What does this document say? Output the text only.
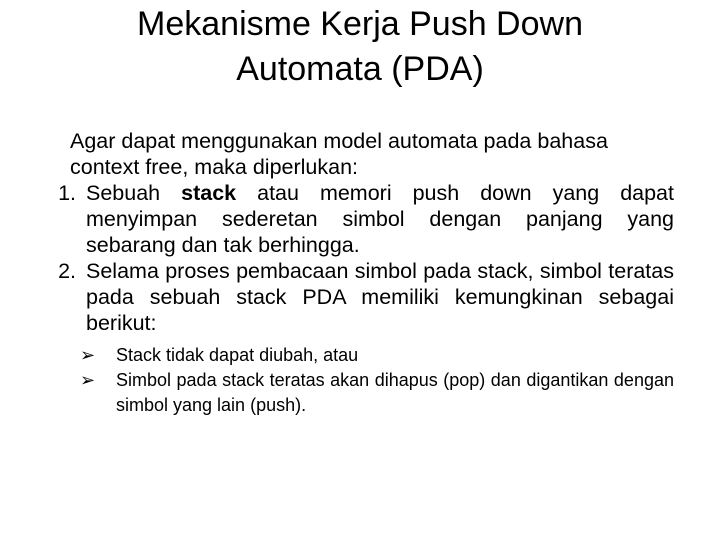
Mekanisme Kerja Push Down
Automata (PDA)

Agar dapat menggunakan model automata pada bahasa context free, maka diperlukan:

1. Sebuah stack atau memori push down yang dapat menyimpan sederetan simbol dengan panjang yang sebarang dan tak berhingga.
2. Selama proses pembacaan simbol pada stack, simbol teratas pada sebuah stack PDA memiliki kemungkinan sebagai berikut:
➢	Stack tidak dapat diubah, atau
➢	Simbol pada stack teratas akan dihapus (pop) dan digantikan dengan simbol yang lain (push).
